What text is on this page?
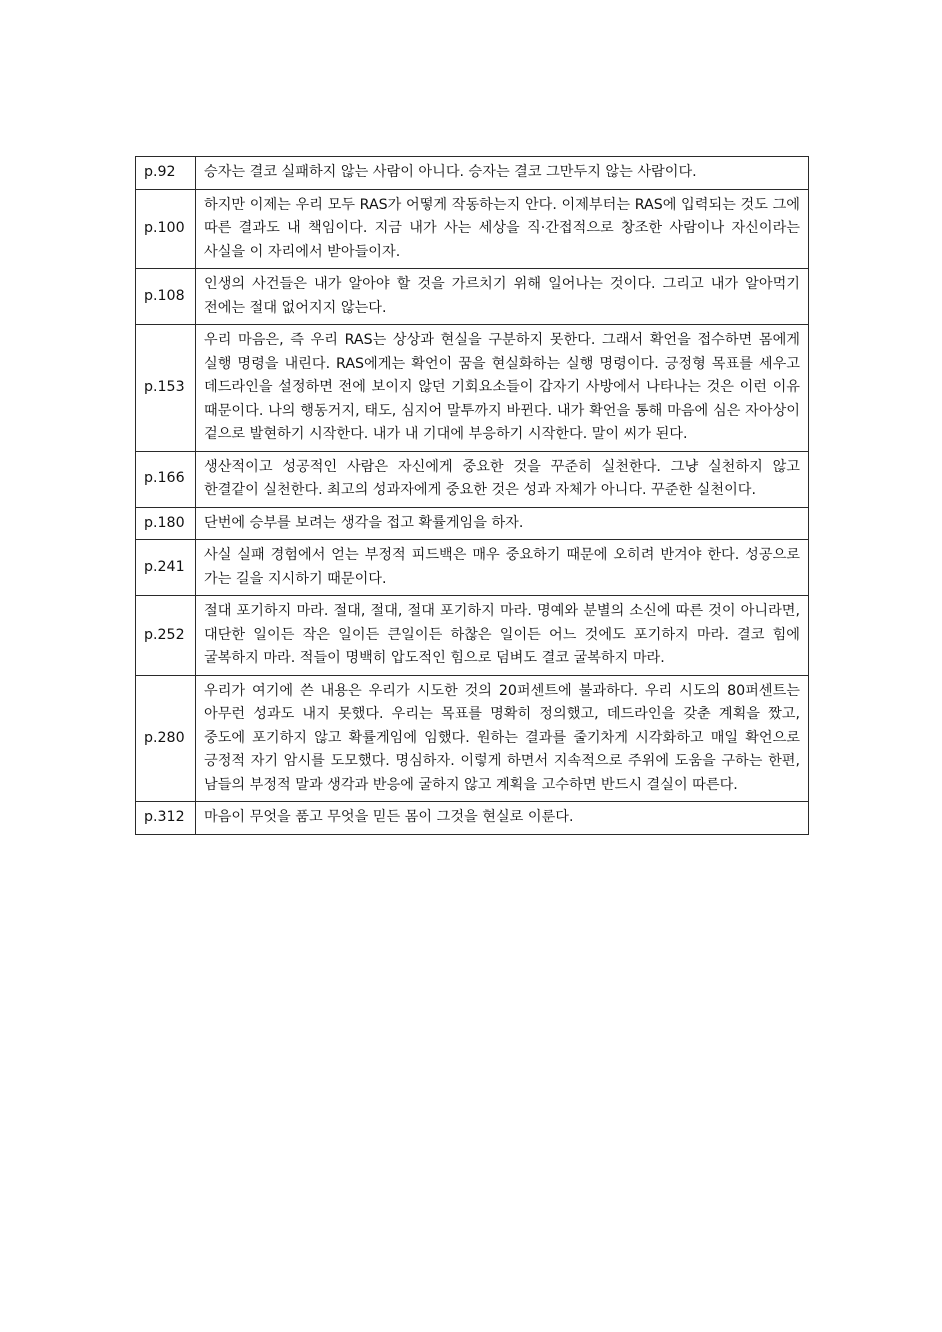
p.92	승자는 결코 실패하지 않는 사람이 아니다. 승자는 결코 그만두지 않는 사람이다.
p.100	하지만 이제는 우리 모두 RAS가 어떻게 작동하는지 안다. 이제부터는 RAS에 입력되는 것도 그에 따른 결과도 내 책임이다. 지금 내가 사는 세상을 직·간접적으로 창조한 사람이나 자신이라는 사실을 이 자리에서 받아들이자.
p.108	인생의 사건들은 내가 알아야 할 것을 가르치기 위해 일어나는 것이다. 그리고 내가 알아먹기 전에는 절대 없어지지 않는다.
p.153	우리 마음은, 즉 우리 RAS는 상상과 현실을 구분하지 못한다. 그래서 확언을 접수하면 몸에게 실행 명령을 내린다. RAS에게는 확언이 꿈을 현실화하는 실행 명령이다. 긍정형 목표를 세우고 데드라인을 설정하면 전에 보이지 않던 기회요소들이 갑자기 사방에서 나타나는 것은 이런 이유 때문이다. 나의 행동거지, 태도, 심지어 말투까지 바뀐다. 내가 확언을 통해 마음에 심은 자아상이 겉으로 발현하기 시작한다. 내가 내 기대에 부응하기 시작한다. 말이 씨가 된다.
p.166	생산적이고 성공적인 사람은 자신에게 중요한 것을 꾸준히 실천한다. 그냥 실천하지 않고 한결같이 실천한다. 최고의 성과자에게 중요한 것은 성과 자체가 아니다. 꾸준한 실천이다.
p.180	단번에 승부를 보려는 생각을 접고 확률게임을 하자.
p.241	사실 실패 경험에서 얻는 부정적 피드백은 매우 중요하기 때문에 오히려 반겨야 한다. 성공으로 가는 길을 지시하기 때문이다.
p.252	절대 포기하지 마라. 절대, 절대, 절대 포기하지 마라. 명예와 분별의 소신에 따른 것이 아니라면, 대단한 일이든 작은 일이든 큰일이든 하찮은 일이든 어느 것에도 포기하지 마라. 결코 힘에 굴복하지 마라. 적들이 명백히 압도적인 힘으로 덤벼도 결코 굴복하지 마라.
p.280	우리가 여기에 쓴 내용은 우리가 시도한 것의 20퍼센트에 불과하다. 우리 시도의 80퍼센트는 아무런 성과도 내지 못했다. 우리는 목표를 명확히 정의했고, 데드라인을 갖춘 계획을 짰고, 중도에 포기하지 않고 확률게임에 임했다. 원하는 결과를 줄기차게 시각화하고 매일 확언으로 긍정적 자기 암시를 도모했다. 명심하자. 이렇게 하면서 지속적으로 주위에 도움을 구하는 한편, 남들의 부정적 말과 생각과 반응에 굴하지 않고 계획을 고수하면 반드시 결실이 따른다.
p.312	마음이 무엇을 품고 무엇을 믿든 몸이 그것을 현실로 이룬다.
